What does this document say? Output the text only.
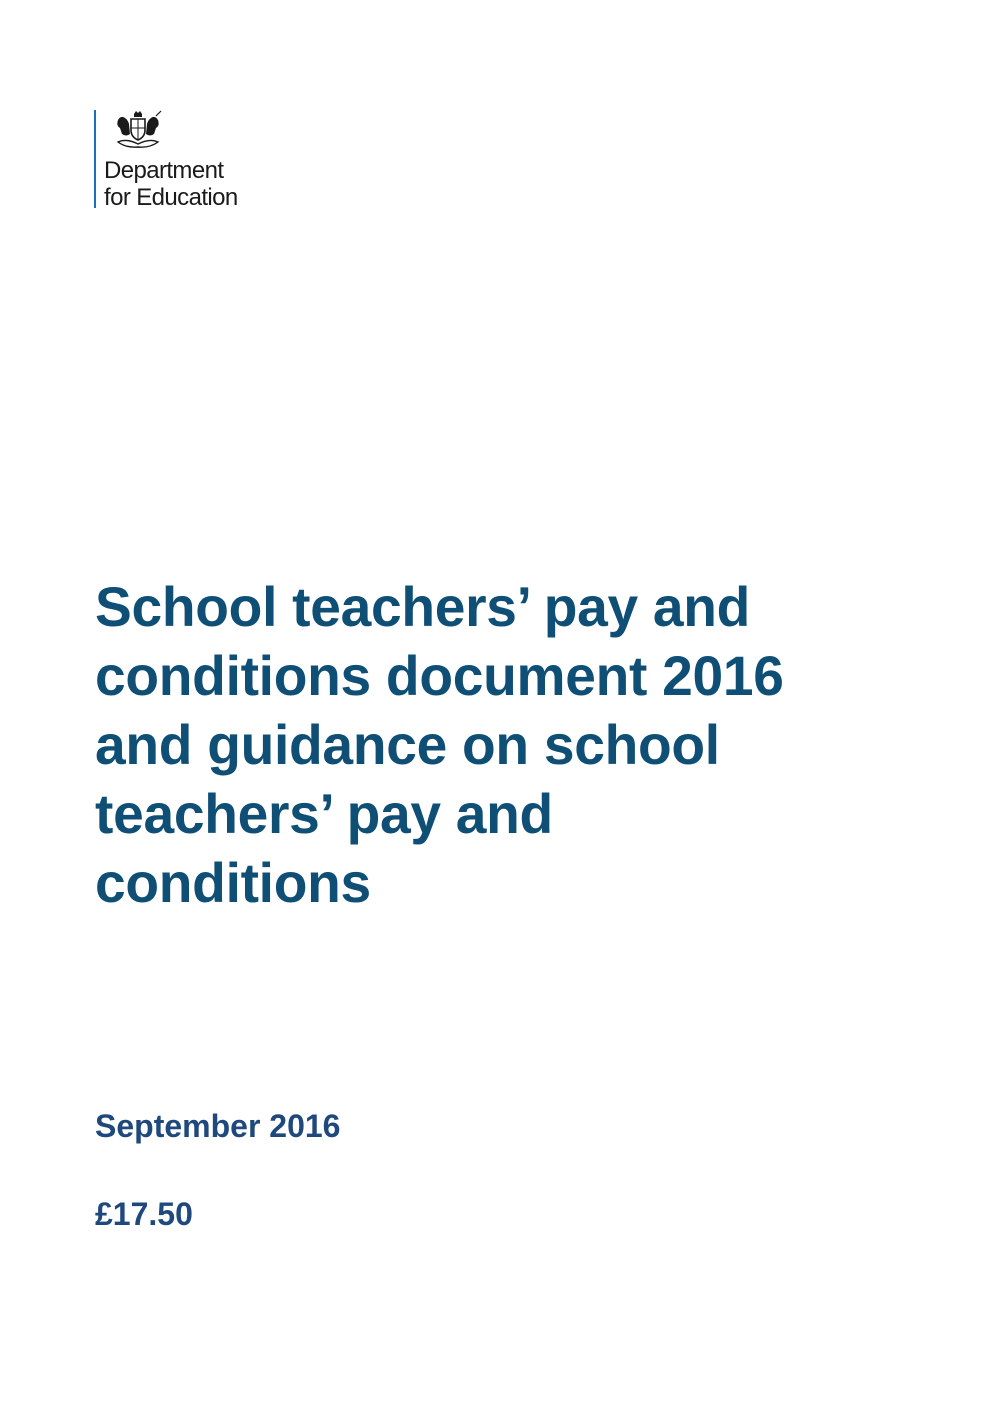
Department
for Education
School teachers’ pay and
conditions document 2016
and guidance on school
teachers’ pay and
conditions
September 2016
£17.50
